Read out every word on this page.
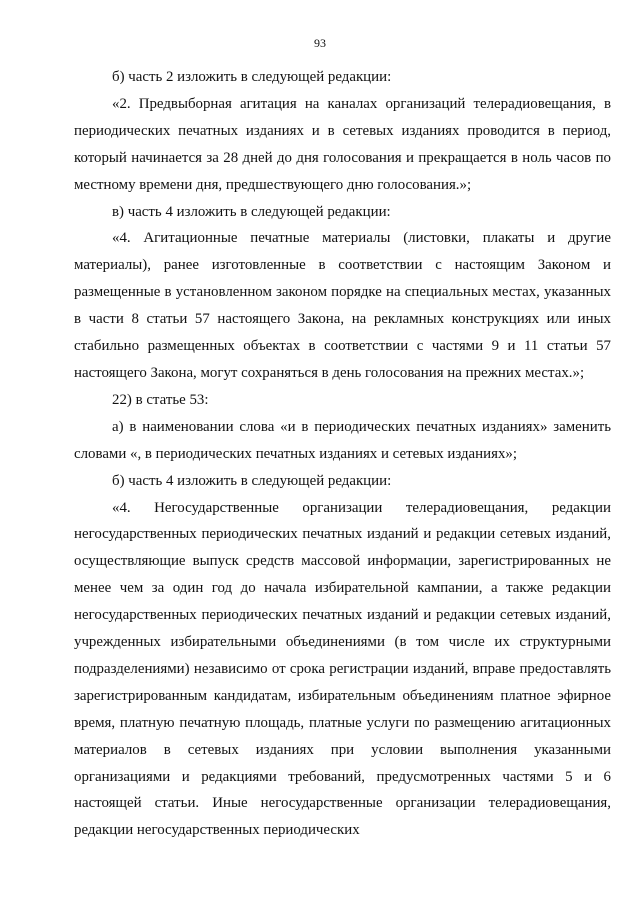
93

б) часть 2 изложить в следующей редакции:

«2. Предвыборная агитация на каналах организаций телерадиовещания, в периодических печатных изданиях и в сетевых изданиях проводится в период, который начинается за 28 дней до дня голосования и прекращается в ноль часов по местному времени дня, предшествующего дню голосования.»;

в) часть 4 изложить в следующей редакции:

«4. Агитационные печатные материалы (листовки, плакаты и другие материалы), ранее изготовленные в соответствии с настоящим Законом и размещенные в установленном законом порядке на специальных местах, указанных в части 8 статьи 57 настоящего Закона, на рекламных конструкциях или иных стабильно размещенных объектах в соответствии с частями 9 и 11 статьи 57 настоящего Закона, могут сохраняться в день голосования на прежних местах.»;

22) в статье 53:

а) в наименовании слова «и в периодических печатных изданиях» заменить словами «, в периодических печатных изданиях и сетевых изданиях»;

б) часть 4 изложить в следующей редакции:

«4. Негосударственные организации телерадиовещания, редакции негосударственных периодических печатных изданий и редакции сетевых изданий, осуществляющие выпуск средств массовой информации, зарегистрированных не менее чем за один год до начала избирательной кампании, а также редакции негосударственных периодических печатных изданий и редакции сетевых изданий, учрежденных избирательными объединениями (в том числе их структурными подразделениями) независимо от срока регистрации изданий, вправе предоставлять зарегистрированным кандидатам, избирательным объединениям платное эфирное время, платную печатную площадь, платные услуги по размещению агитационных материалов в сетевых изданиях при условии выполнения указанными организациями и редакциями требований, предусмотренных частями 5 и 6 настоящей статьи. Иные негосударственные организации телерадиовещания, редакции негосударственных периодических
